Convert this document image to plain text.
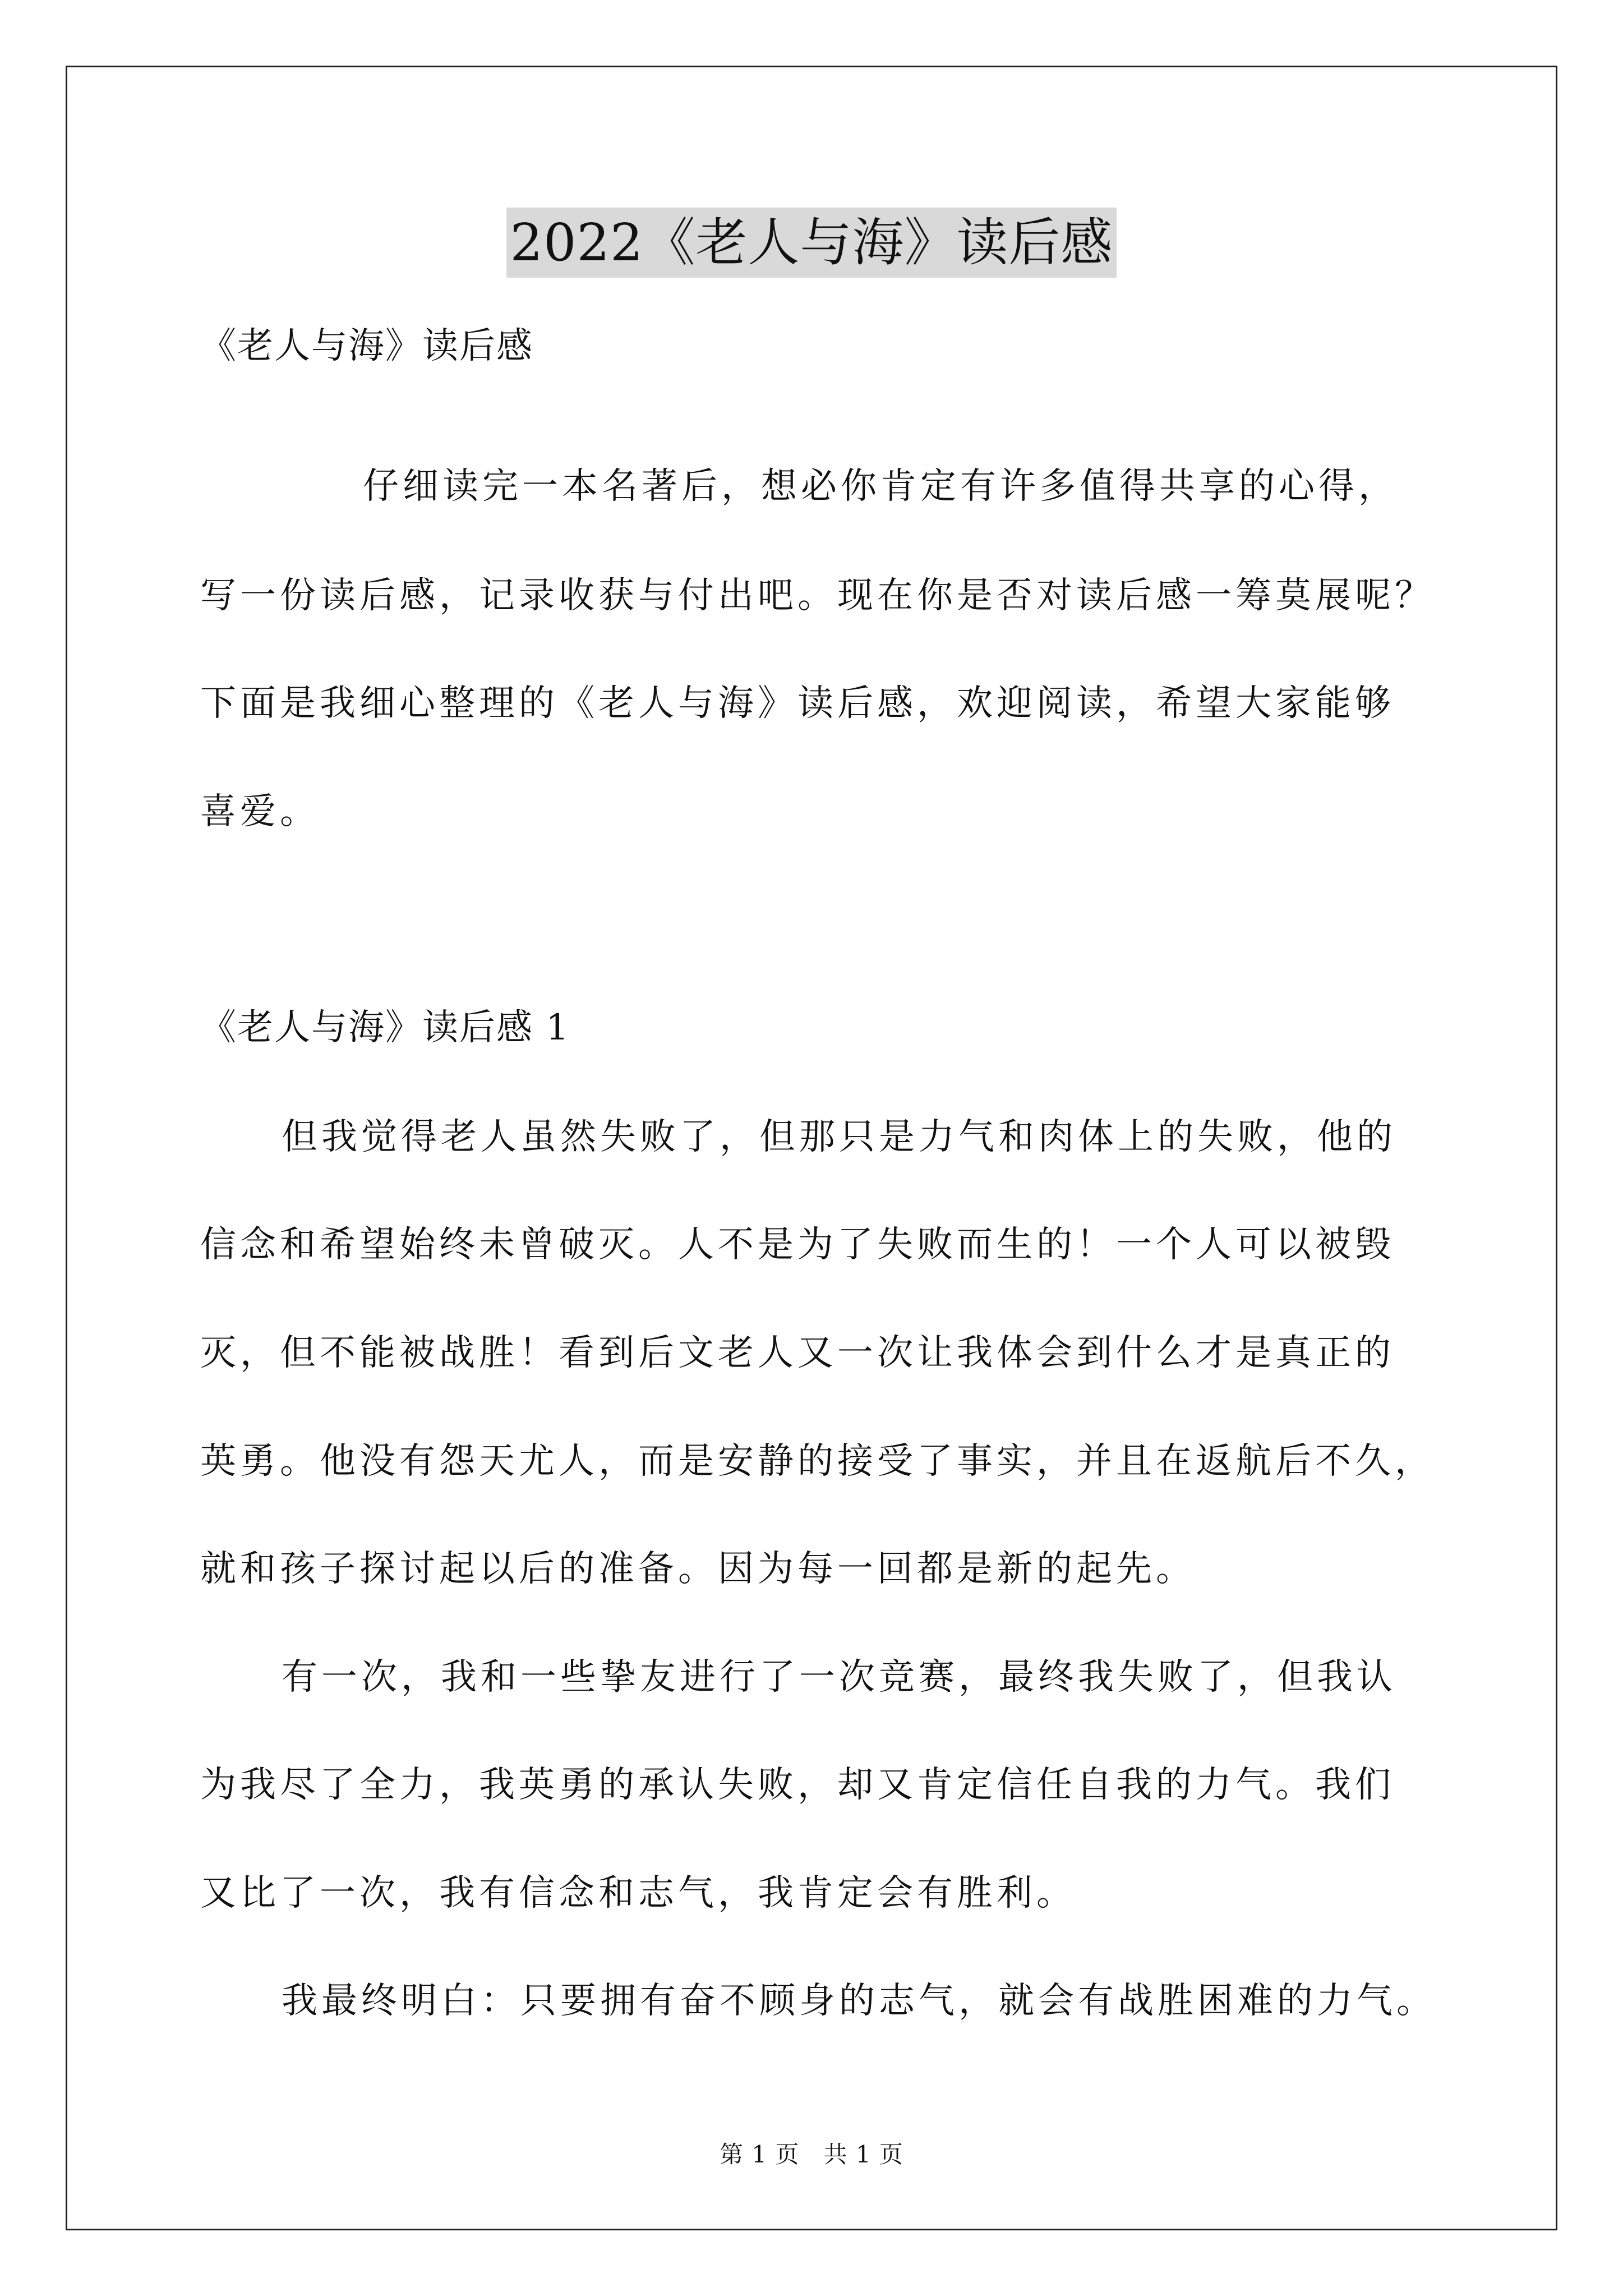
2022《老人与海》读后感
《老人与海》读后感
仔细读完一本名著后，想必你肯定有许多值得共享的心得，
写一份读后感，记录收获与付出吧。现在你是否对读后感一筹莫展呢？
下面是我细心整理的《老人与海》读后感，欢迎阅读，希望大家能够
喜爱。
《老人与海》读后感 1
但我觉得老人虽然失败了，但那只是力气和肉体上的失败，他的
信念和希望始终未曾破灭。人不是为了失败而生的！一个人可以被毁
灭，但不能被战胜！看到后文老人又一次让我体会到什么才是真正的
英勇。他没有怨天尤人，而是安静的接受了事实，并且在返航后不久，
就和孩子探讨起以后的准备。因为每一回都是新的起先。
有一次，我和一些挚友进行了一次竞赛，最终我失败了，但我认
为我尽了全力，我英勇的承认失败，却又肯定信任自我的力气。我们
又比了一次，我有信念和志气，我肯定会有胜利。
我最终明白：只要拥有奋不顾身的志气，就会有战胜困难的力气。
第 1 页　共 1 页
